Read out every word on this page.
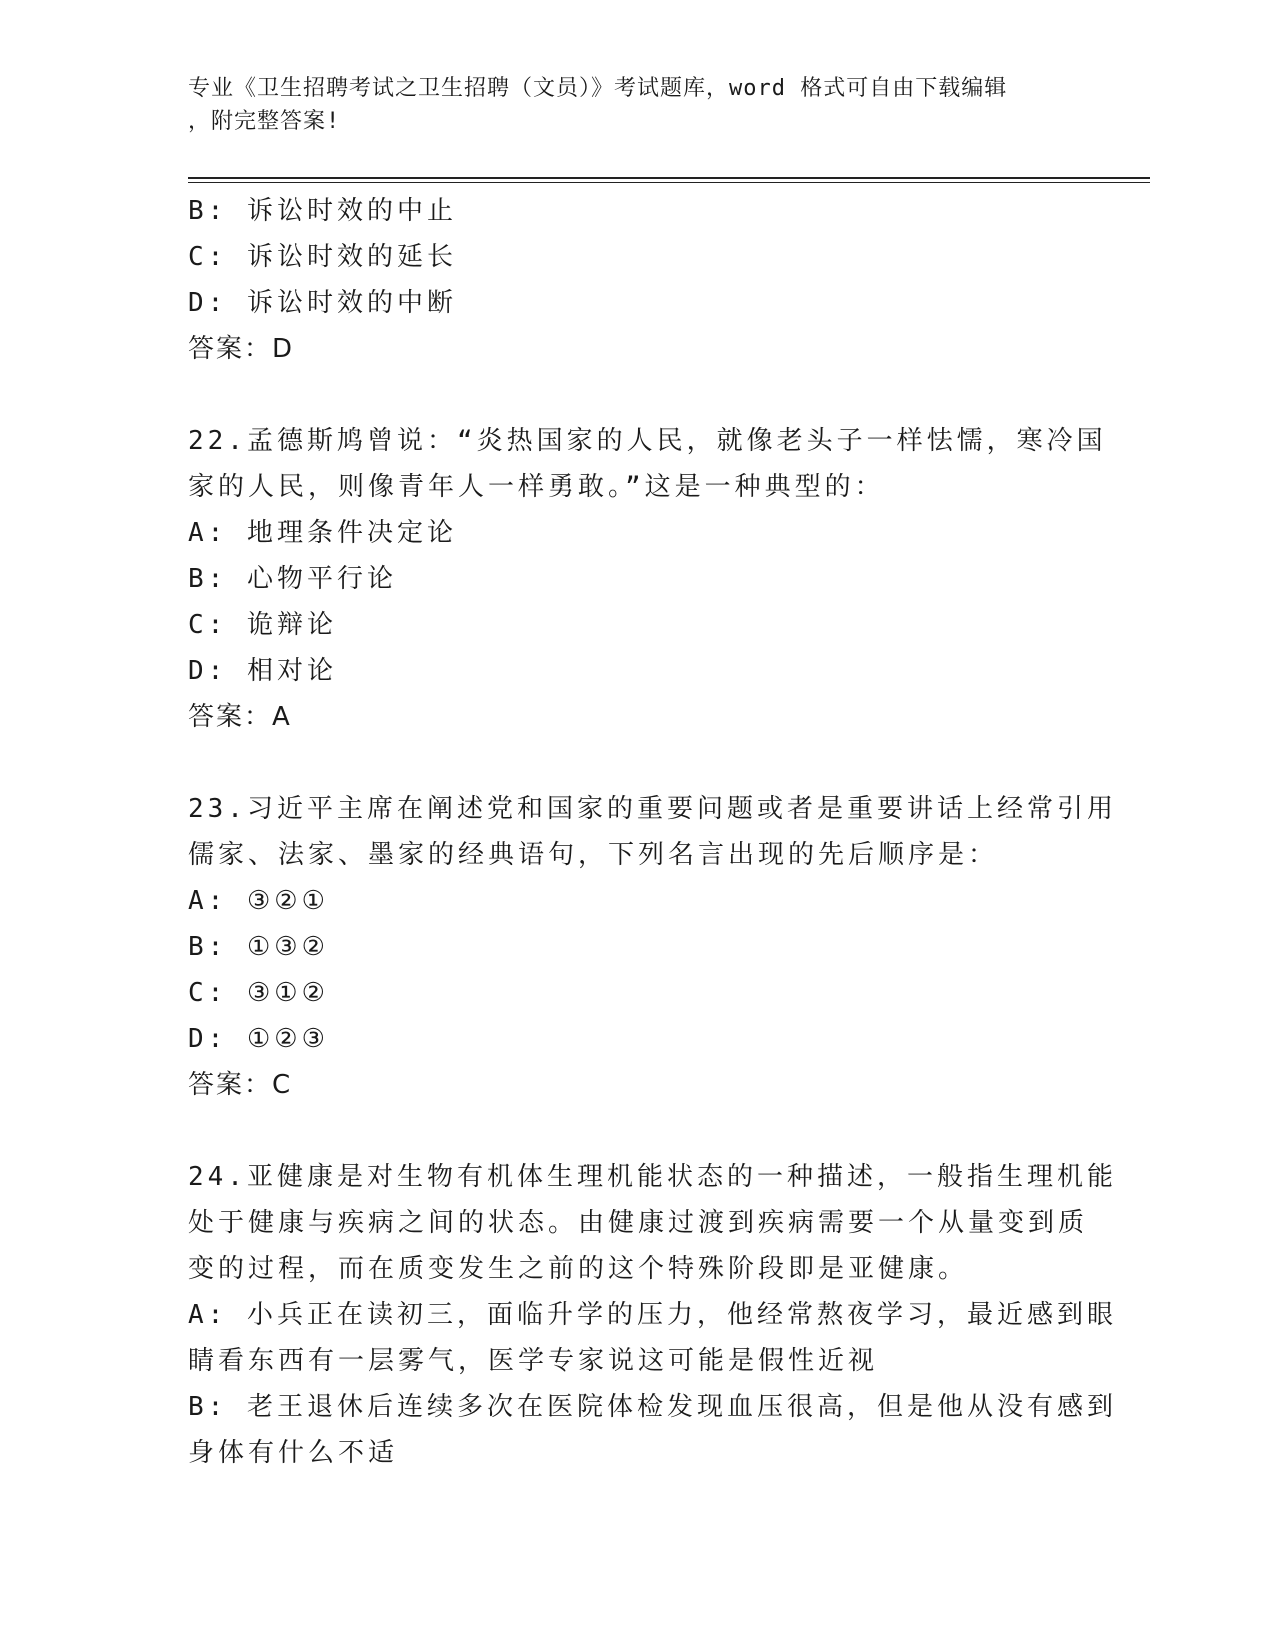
专业《卫生招聘考试之卫生招聘（文员）》考试题库，word 格式可自由下载编辑
，附完整答案!
B: 诉讼时效的中止
C: 诉讼时效的延长
D: 诉讼时效的中断
答案：D
22.孟德斯鸠曾说：“炎热国家的人民，就像老头子一样怯懦，寒冷国
家的人民，则像青年人一样勇敢。”这是一种典型的：
A: 地理条件决定论
B: 心物平行论
C: 诡辩论
D: 相对论
答案：A
23.习近平主席在阐述党和国家的重要问题或者是重要讲话上经常引用
儒家、法家、墨家的经典语句，下列名言出现的先后顺序是：
A: ③②①
B: ①③②
C: ③①②
D: ①②③
答案：C
24.亚健康是对生物有机体生理机能状态的一种描述，一般指生理机能
处于健康与疾病之间的状态。由健康过渡到疾病需要一个从量变到质
变的过程，而在质变发生之前的这个特殊阶段即是亚健康。
A: 小兵正在读初三，面临升学的压力，他经常熬夜学习，最近感到眼
睛看东西有一层雾气，医学专家说这可能是假性近视
B: 老王退休后连续多次在医院体检发现血压很高，但是他从没有感到
身体有什么不适
